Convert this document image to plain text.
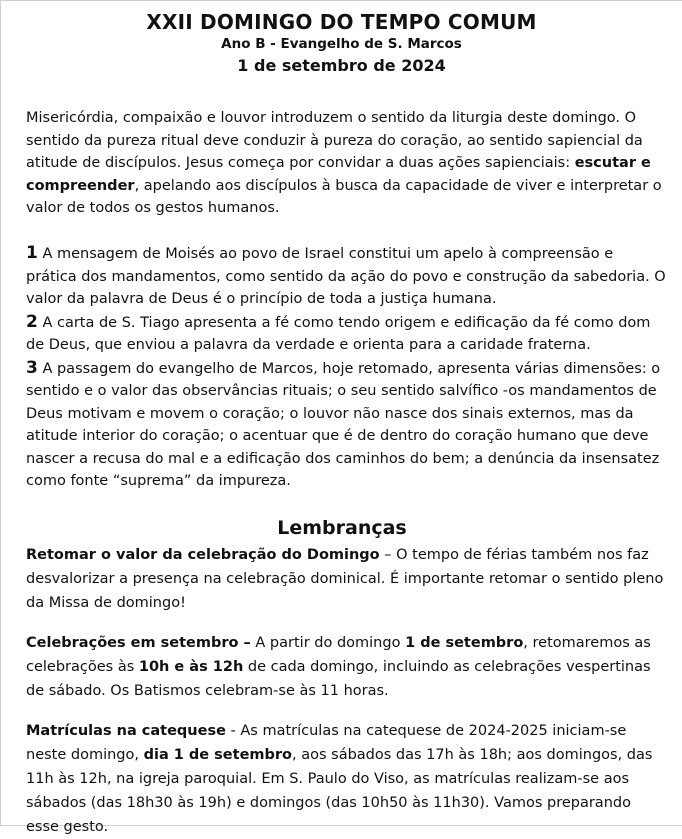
XXII DOMINGO DO TEMPO COMUM
Ano B - Evangelho de S. Marcos
1 de setembro de 2024

Misericórdia, compaixão e louvor introduzem o sentido da liturgia deste domingo. O sentido da pureza ritual deve conduzir à pureza do coração, ao sentido sapiencial da atitude de discípulos. Jesus começa por convidar a duas ações sapienciais: escutar e compreender, apelando aos discípulos à busca da capacidade de viver e interpretar o valor de todos os gestos humanos.

1 A mensagem de Moisés ao povo de Israel constitui um apelo à compreensão e prática dos mandamentos, como sentido da ação do povo e construção da sabedoria. O valor da palavra de Deus é o princípio de toda a justiça humana.

2 A carta de S. Tiago apresenta a fé como tendo origem e edificação da fé como dom de Deus, que enviou a palavra da verdade e orienta para a caridade fraterna.

3 A passagem do evangelho de Marcos, hoje retomado, apresenta várias dimensões: o sentido e o valor das observâncias rituais; o seu sentido salvífico -os mandamentos de Deus motivam e movem o coração; o louvor não nasce dos sinais externos, mas da atitude interior do coração; o acentuar que é de dentro do coração humano que deve nascer a recusa do mal e a edificação dos caminhos do bem; a denúncia da insensatez como fonte “suprema” da impureza.

Lembranças

Retomar o valor da celebração do Domingo – O tempo de férias também nos faz desvalorizar a presença na celebração dominical. É importante retomar o sentido pleno da Missa de domingo!

Celebrações em setembro – A partir do domingo 1 de setembro, retomaremos as celebrações às 10h e às 12h de cada domingo, incluindo as celebrações vespertinas de sábado. Os Batismos celebram-se às 11 horas.

Matrículas na catequese - As matrículas na catequese de 2024-2025 iniciam-se neste domingo, dia 1 de setembro, aos sábados das 17h às 18h; aos domingos, das 11h às 12h, na igreja paroquial. Em S. Paulo do Viso, as matrículas realizam-se aos sábados (das 18h30 às 19h) e domingos (das 10h50 às 11h30). Vamos preparando esse gesto.
